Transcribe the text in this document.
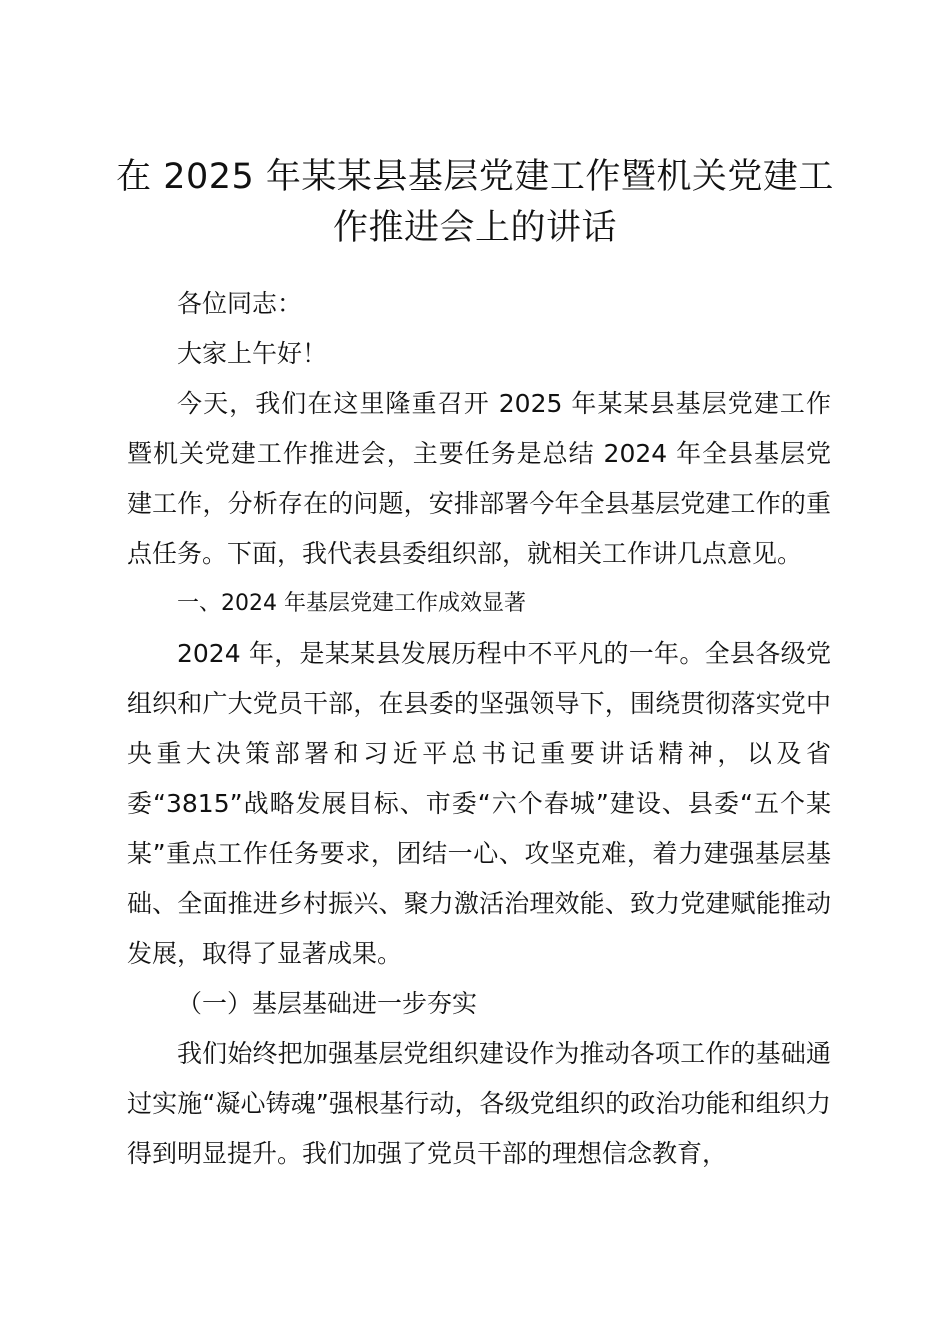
在 2025 年某某县基层党建工作暨机关党建工作推进会上的讲话

各位同志：

大家上午好！

今天，我们在这里隆重召开 2025 年某某县基层党建工作暨机关党建工作推进会，主要任务是总结 2024 年全县基层党建工作，分析存在的问题，安排部署今年全县基层党建工作的重点任务。下面，我代表县委组织部，就相关工作讲几点意见。

一、2024 年基层党建工作成效显著

2024 年，是某某县发展历程中不平凡的一年。全县各级党组织和广大党员干部，在县委的坚强领导下，围绕贯彻落实党中央重大决策部署和习近平总书记重要讲话精神，以及省委“3815”战略发展目标、市委“六个春城”建设、县委“五个某某”重点工作任务要求，团结一心、攻坚克难，着力建强基层基础、全面推进乡村振兴、聚力激活治理效能、致力党建赋能推动发展，取得了显著成果。

（一）基层基础进一步夯实

我们始终把加强基层党组织建设作为推动各项工作的基础通过实施“凝心铸魂”强根基行动，各级党组织的政治功能和组织力得到明显提升。我们加强了党员干部的理想信念教育，
